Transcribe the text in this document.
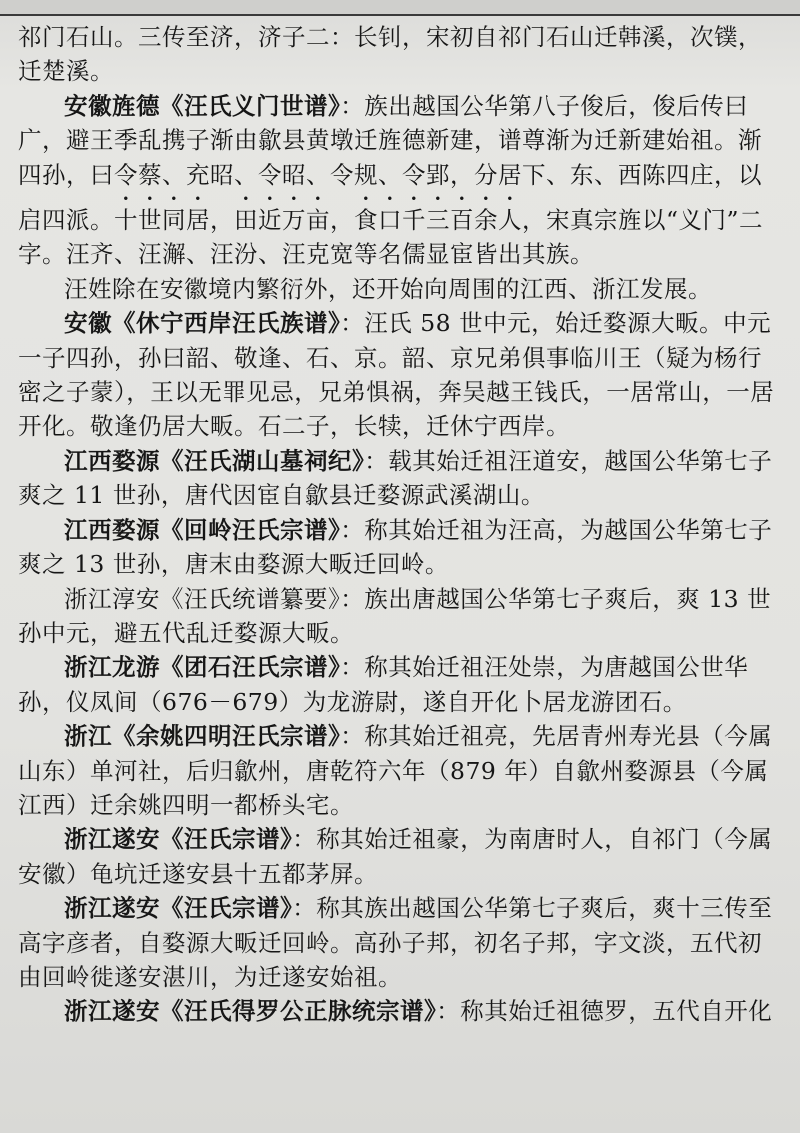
祁门石山。三传至济，济子二：长钊，宋初自祁门石山迁韩溪，次镤，迁楚溪。

安徽旌德《汪氏义门世谱》：族出越国公华第八子俊后，俊后传曰广，避王季乱携子渐由歙县黄墩迁旌德新建，谱尊渐为迁新建始祖。渐四孙，曰令蔡、充昭、令昭、令规、令郢，分居下、东、西陈四庄，以启四派。十世同居，田近万亩，食口千三百余人，宋真宗旌以“义门”二字。汪齐、汪澥、汪汾、汪克宽等名儒显宦皆出其族。

汪姓除在安徽境内繁衍外，还开始向周围的江西、浙江发展。

安徽《休宁西岸汪氏族谱》：汪氏 58 世中元，始迁婺源大畈。中元一子四孙，孙曰韶、敬逢、石、京。韶、京兄弟俱事临川王（疑为杨行密之子蒙），王以无罪见忌，兄弟惧祸，奔吴越王钱氏，一居常山，一居开化。敬逢仍居大畈。石二子，长犊，迁休宁西岸。

江西婺源《汪氏湖山墓祠纪》：载其始迁祖汪道安，越国公华第七子爽之 11 世孙，唐代因宦自歙县迁婺源武溪湖山。

江西婺源《回岭汪氏宗谱》：称其始迁祖为汪高，为越国公华第七子爽之 13 世孙，唐末由婺源大畈迁回岭。

浙江淳安《汪氏统谱纂要》：族出唐越国公华第七子爽后，爽 13 世孙中元，避五代乱迁婺源大畈。

浙江龙游《团石汪氏宗谱》：称其始迁祖汪处崇，为唐越国公世华孙，仪凤间（676－679）为龙游尉，遂自开化卜居龙游团石。

浙江《余姚四明汪氏宗谱》：称其始迁祖亮，先居青州寿光县（今属山东）单河社，后归歙州，唐乾符六年（879 年）自歙州婺源县（今属江西）迁余姚四明一都桥头宅。

浙江遂安《汪氏宗谱》：称其始迁祖豪，为南唐时人，自祁门（今属安徽）龟坑迁遂安县十五都茅屏。

浙江遂安《汪氏宗谱》：称其族出越国公华第七子爽后，爽十三传至高字彦者，自婺源大畈迁回岭。高孙子邦，初名子邦，字文淡，五代初由回岭徙遂安湛川，为迁遂安始祖。

浙江遂安《汪氏得罗公正脉统宗谱》：称其始迁祖德罗，五代自开化
